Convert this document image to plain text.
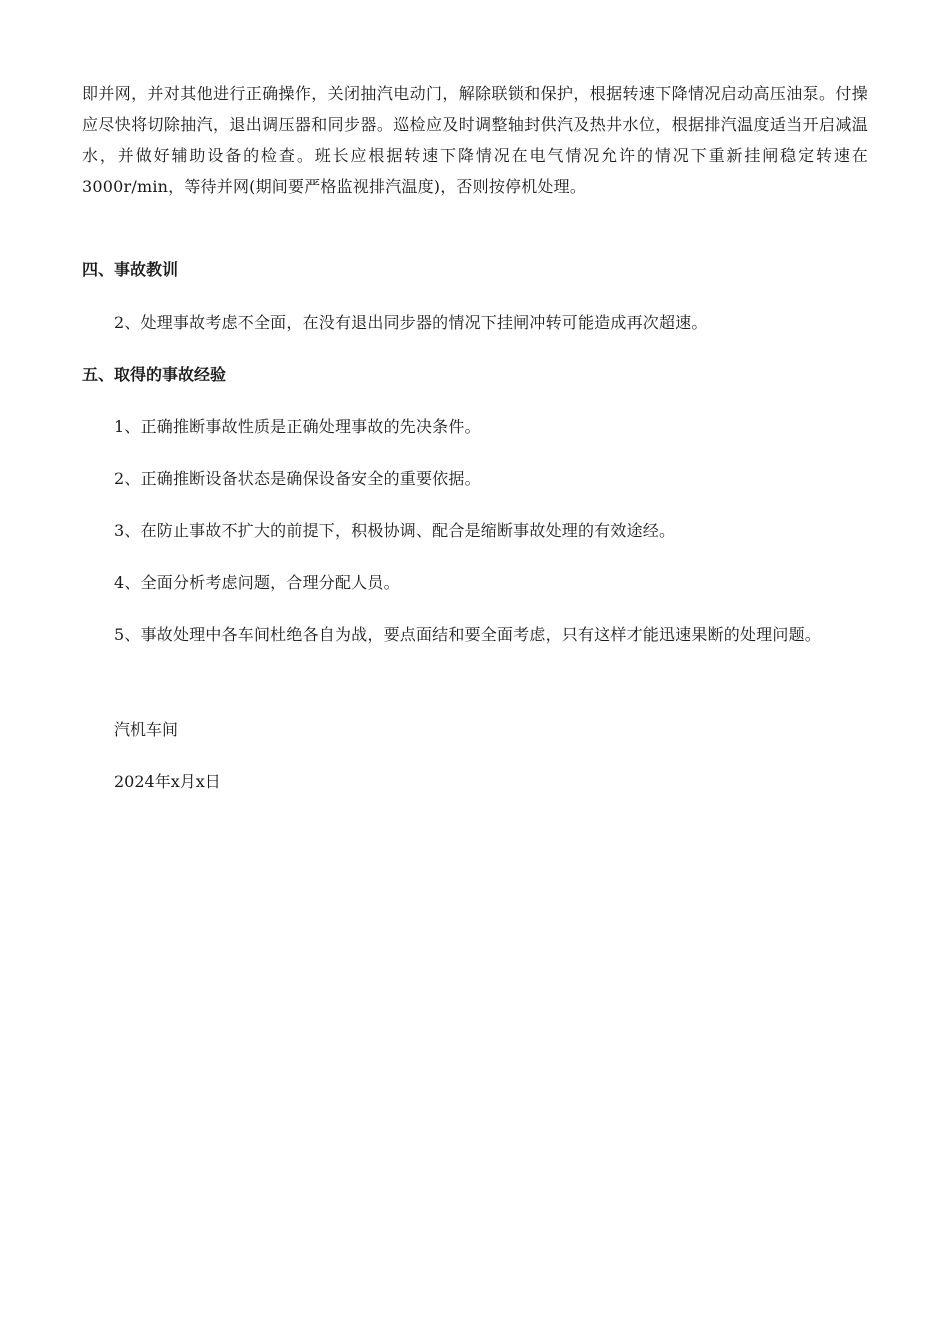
即并网，并对其他进行正确操作，关闭抽汽电动门，解除联锁和保护，根据转速下降情况启动高压油泵。付操应尽快将切除抽汽，退出调压器和同步器。巡检应及时调整轴封供汽及热井水位，根据排汽温度适当开启减温水，并做好辅助设备的检查。班长应根据转速下降情况在电气情况允许的情况下重新挂闸稳定转速在3000r/min，等待并网(期间要严格监视排汽温度)，否则按停机处理。

四、事故教训

2、处理事故考虑不全面，在没有退出同步器的情况下挂闸冲转可能造成再次超速。

五、取得的事故经验

1、正确推断事故性质是正确处理事故的先决条件。

2、正确推断设备状态是确保设备安全的重要依据。

3、在防止事故不扩大的前提下，积极协调、配合是缩断事故处理的有效途经。

4、全面分析考虑问题，合理分配人员。

5、事故处理中各车间杜绝各自为战，要点面结和要全面考虑，只有这样才能迅速果断的处理问题。

汽机车间

2024年x月x日
